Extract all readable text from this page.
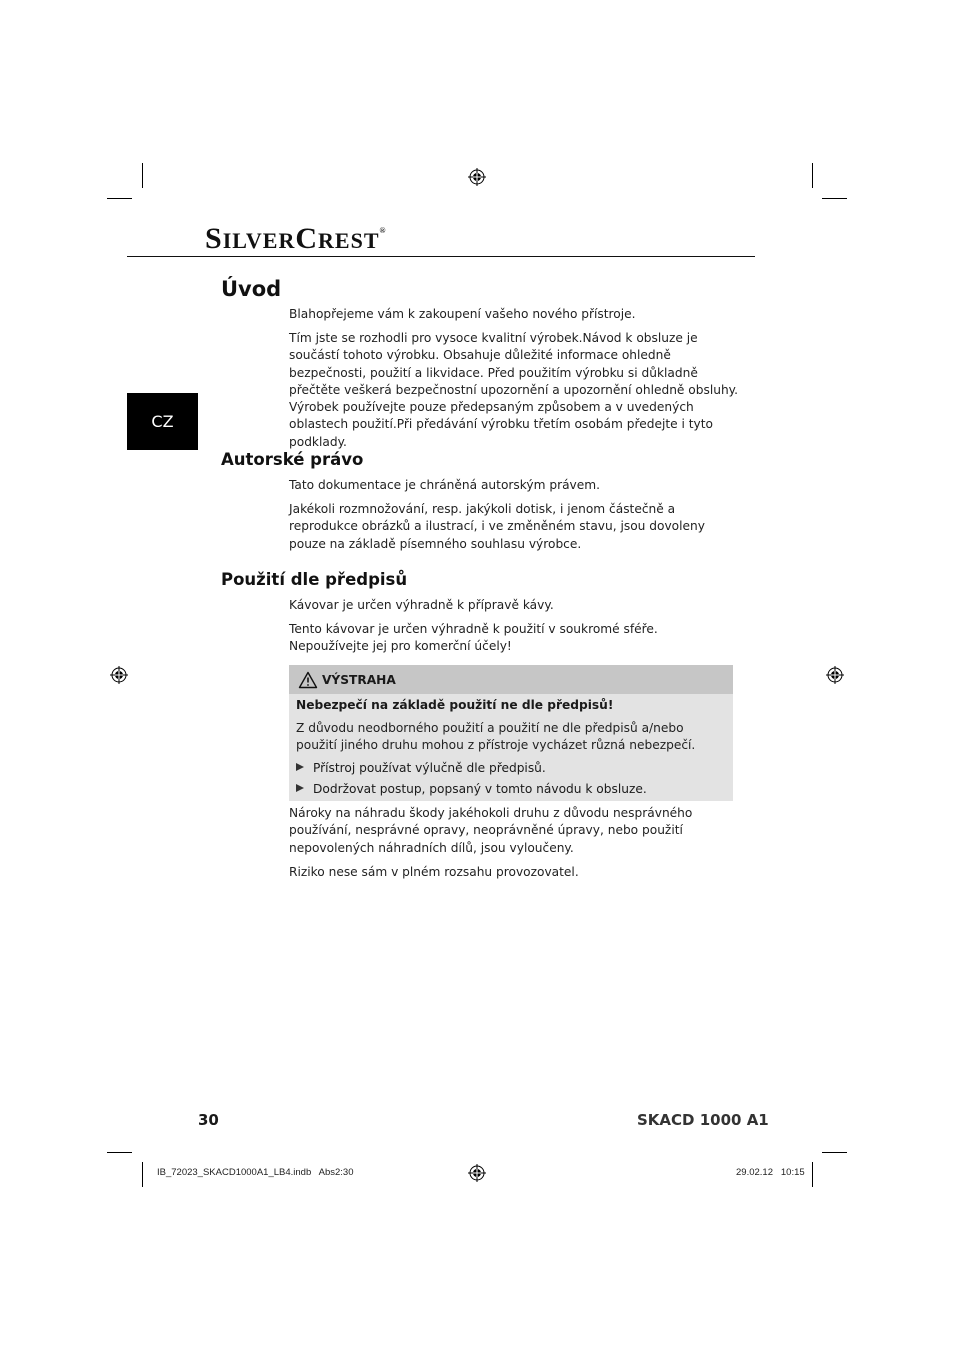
SILVERCREST®
CZ
Úvod

Blahopřejeme vám k zakoupení vašeho nového přístroje.

Tím jste se rozhodli pro vysoce kvalitní výrobek.Návod k obsluze je součástí tohoto výrobku. Obsahuje důležité informace ohledně bezpečnosti, použití a likvidace. Před použitím výrobku si důkladně přečtěte veškerá bezpečnostní upozornění a upozornění ohledně obsluhy. Výrobek používejte pouze předepsaným způsobem a v uvedených oblastech použití.Při předávání výrobku třetím osobám předejte i tyto podklady.

Autorské právo

Tato dokumentace je chráněná autorským právem.

Jakékoli rozmnožování, resp. jakýkoli dotisk, i jenom částečně a reprodukce obrázků a ilustrací, i ve změněném stavu, jsou dovoleny pouze na základě písemného souhlasu výrobce.

Použití dle předpisů

Kávovar je určen výhradně k přípravě kávy.

Tento kávovar je určen výhradně k použití v soukromé sféře. Nepoužívejte jej pro komerční účely!

VÝSTRAHA
Nebezpečí na základě použití ne dle předpisů!

Z důvodu neodborného použití a použití ne dle předpisů a/nebo použití jiného druhu mohou z přístroje vycházet různá nebezpečí.

Přístroj používat výlučně dle předpisů.
Dodržovat postup, popsaný v tomto návodu k obsluze.

Nároky na náhradu škody jakéhokoli druhu z důvodu nesprávného používání, nesprávné opravy, neoprávněné úpravy, nebo použití nepovolených náhradních dílů, jsou vyloučeny.

Riziko nese sám v plném rozsahu provozovatel.

30	SKACD 1000 A1
IB_72023_SKACD1000A1_LB4.indb   Abs2:30	29.02.12   10:15
